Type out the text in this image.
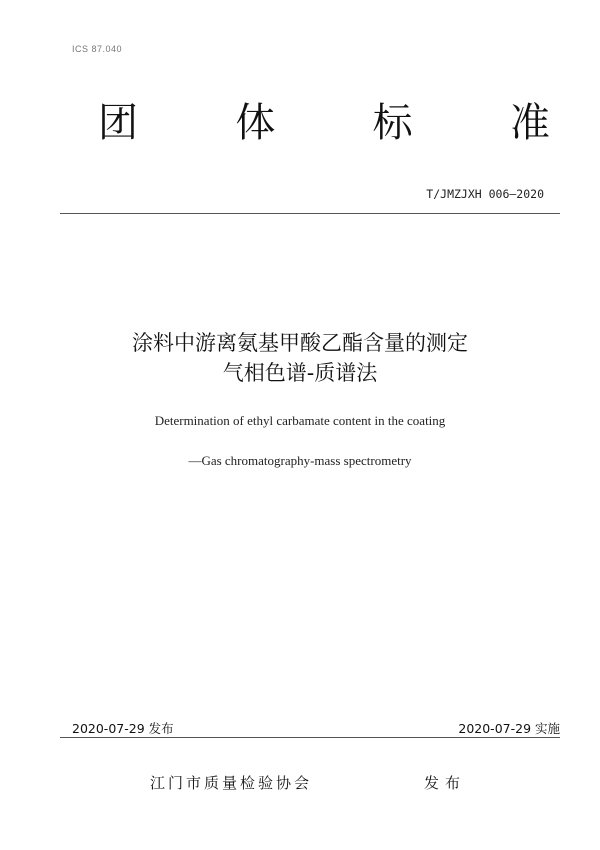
ICS 87.040
团 体 标 准
T/JMZJXH 006—2020
涂料中游离氨基甲酸乙酯含量的测定
气相色谱-质谱法
Determination of ethyl carbamate content in the coating
—Gas chromatography-mass spectrometry
2020-07-29 发布	2020-07-29 实施
江门市质量检验协会	发布
